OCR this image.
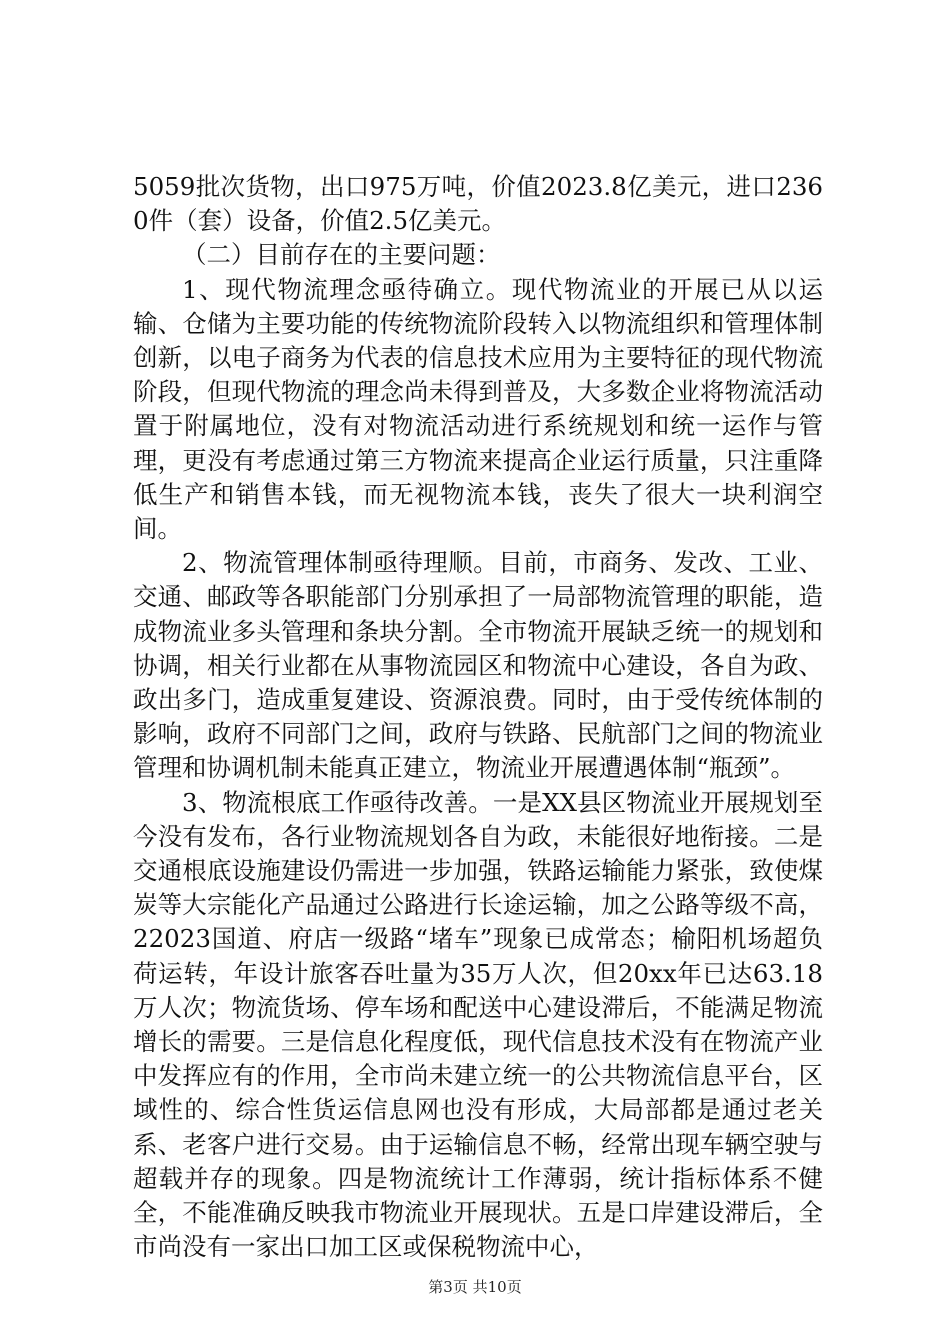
5059批次货物，出口975万吨，价值2023.8亿美元，进口2360件（套）设备，价值2.5亿美元。

（二）目前存在的主要问题：

1、现代物流理念亟待确立。现代物流业的开展已从以运输、仓储为主要功能的传统物流阶段转入以物流组织和管理体制创新，以电子商务为代表的信息技术应用为主要特征的现代物流阶段，但现代物流的理念尚未得到普及，大多数企业将物流活动置于附属地位，没有对物流活动进行系统规划和统一运作与管理，更没有考虑通过第三方物流来提高企业运行质量，只注重降低生产和销售本钱，而无视物流本钱，丧失了很大一块利润空间。

2、物流管理体制亟待理顺。目前，市商务、发改、工业、交通、邮政等各职能部门分别承担了一局部物流管理的职能，造成物流业多头管理和条块分割。全市物流开展缺乏统一的规划和协调，相关行业都在从事物流园区和物流中心建设，各自为政、政出多门，造成重复建设、资源浪费。同时，由于受传统体制的影响，政府不同部门之间，政府与铁路、民航部门之间的物流业管理和协调机制未能真正建立，物流业开展遭遇体制“瓶颈”。

3、物流根底工作亟待改善。一是XX县区物流业开展规划至今没有发布，各行业物流规划各自为政，未能很好地衔接。二是交通根底设施建设仍需进一步加强，铁路运输能力紧张，致使煤炭等大宗能化产品通过公路进行长途运输，加之公路等级不高，22023国道、府店一级路“堵车”现象已成常态；榆阳机场超负荷运转，年设计旅客吞吐量为35万人次，但20xx年已达63.18万人次；物流货场、停车场和配送中心建设滞后，不能满足物流增长的需要。三是信息化程度低，现代信息技术没有在物流产业中发挥应有的作用，全市尚未建立统一的公共物流信息平台，区域性的、综合性货运信息网也没有形成，大局部都是通过老关系、老客户进行交易。由于运输信息不畅，经常出现车辆空驶与超载并存的现象。四是物流统计工作薄弱，统计指标体系不健全，不能准确反映我市物流业开展现状。五是口岸建设滞后，全市尚没有一家出口加工区或保税物流中心，

第3页 共10页
